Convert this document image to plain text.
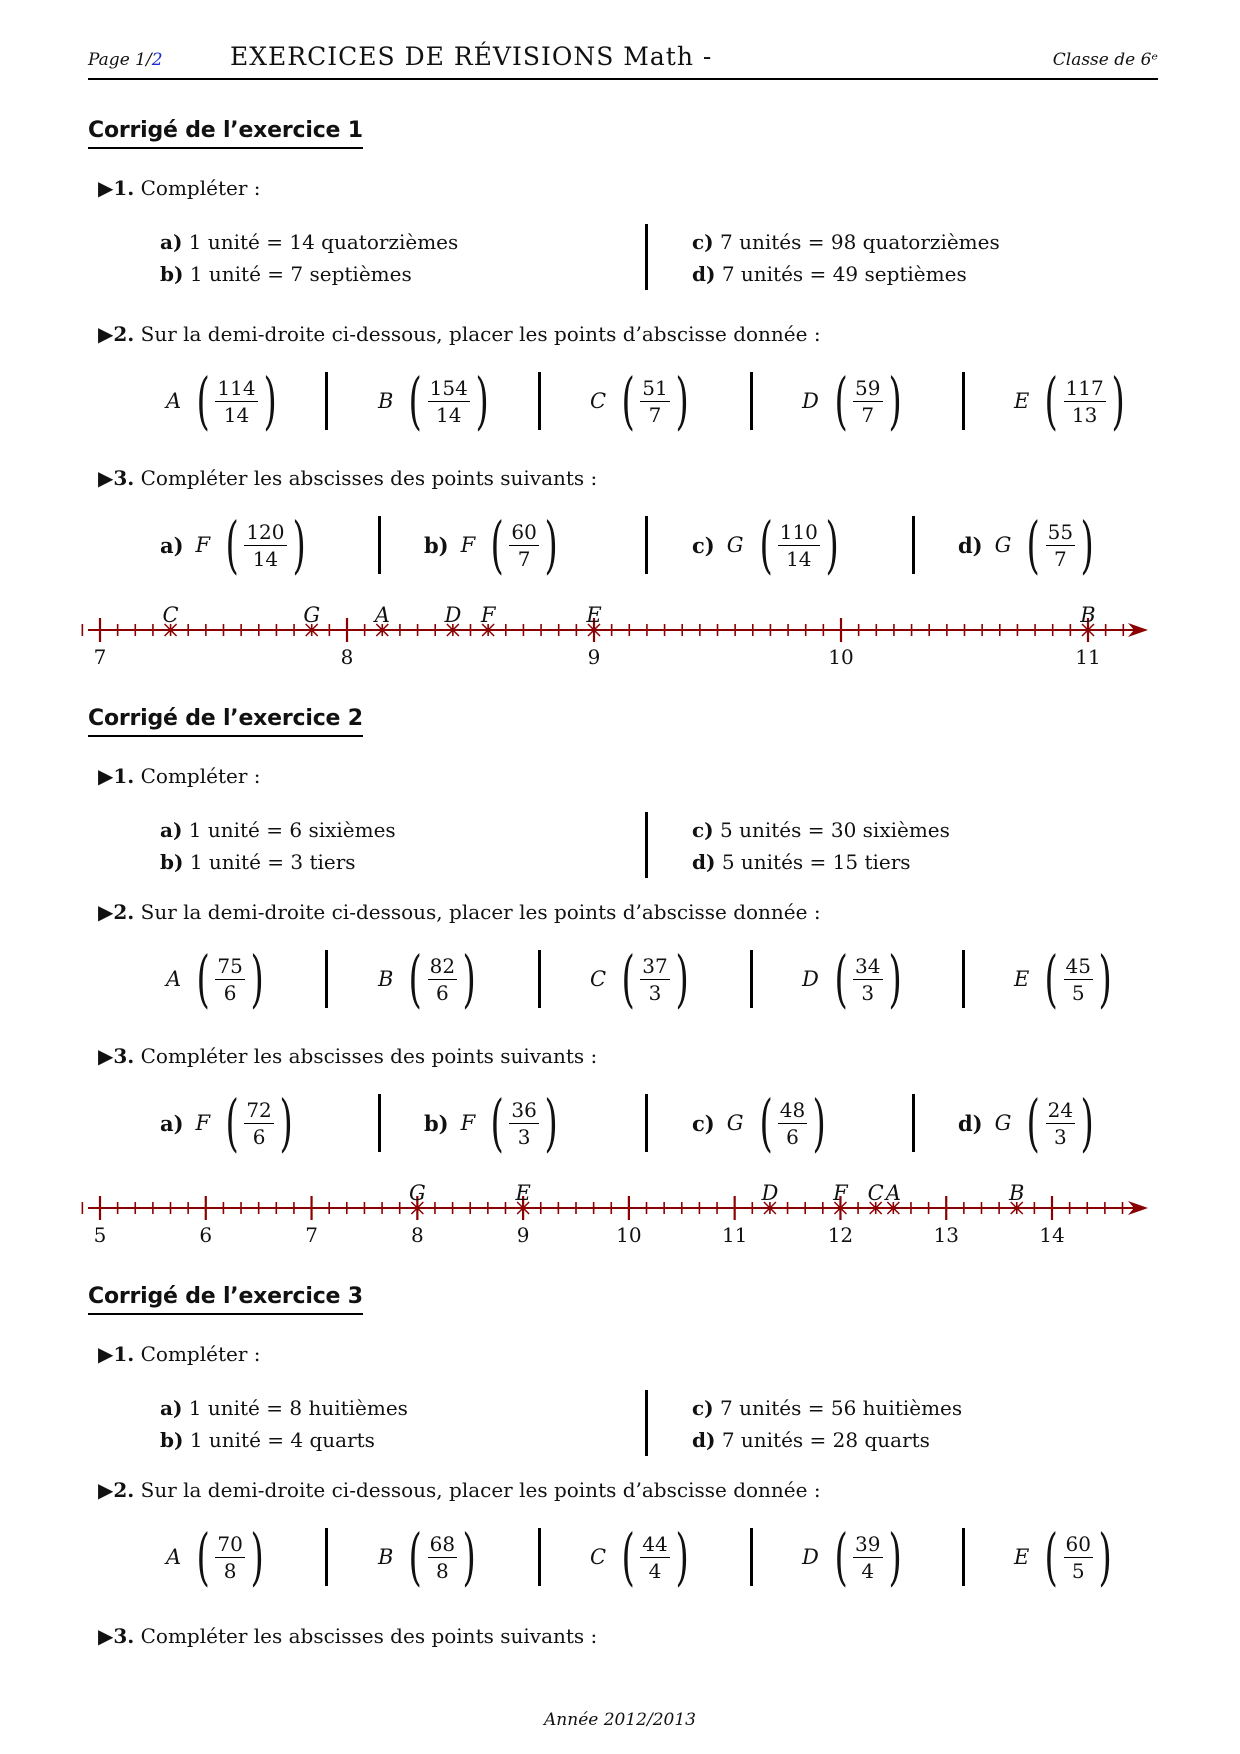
Page 1/2	EXERCICES DE RÉVISIONS Math -	Classe de 6ᵉ
Corrigé de l’exercice 1
▶1. Compléter :
a) 1 unité = 14 quatorzièmes
b) 1 unité = 7 septièmes
c) 7 unités = 98 quatorzièmes
d) 7 unités = 49 septièmes
▶2. Sur la demi-droite ci-dessous, placer les points d’abscisse donnée :
A ( $\frac{114}{14}$ )	B ( $\frac{154}{14}$ )	C ( $\frac{51}{7}$ )	D ( $\frac{59}{7}$ )	E ( $\frac{117}{13}$ )
▶3. Compléter les abscisses des points suivants :
a) F ( $\frac{120}{14}$ )	b) F ( $\frac{60}{7}$ )	c) G ( $\frac{110}{14}$ )	d) G ( $\frac{55}{7}$ )
7	8	9	10	11
C	G	A	D F	E	B
Corrigé de l’exercice 2
▶1. Compléter :
a) 1 unité = 6 sixièmes
b) 1 unité = 3 tiers
c) 5 unités = 30 sixièmes
d) 5 unités = 15 tiers
▶2. Sur la demi-droite ci-dessous, placer les points d’abscisse donnée :
A ( $\frac{75}{6}$ )	B ( $\frac{82}{6}$ )	C ( $\frac{37}{3}$ )	D ( $\frac{34}{3}$ )	E ( $\frac{45}{5}$ )
▶3. Compléter les abscisses des points suivants :
a) F ( $\frac{72}{6}$ )	b) F ( $\frac{36}{3}$ )	c) G ( $\frac{48}{6}$ )	d) G ( $\frac{24}{3}$ )
5	6	7	8	9	10	11	12	13	14
G	E	D	F C A	B
Corrigé de l’exercice 3
▶1. Compléter :
a) 1 unité = 8 huitièmes
b) 1 unité = 4 quarts
c) 7 unités = 56 huitièmes
d) 7 unités = 28 quarts
▶2. Sur la demi-droite ci-dessous, placer les points d’abscisse donnée :
A ( $\frac{70}{8}$ )	B ( $\frac{68}{8}$ )	C ( $\frac{44}{4}$ )	D ( $\frac{39}{4}$ )	E ( $\frac{60}{5}$ )
▶3. Compléter les abscisses des points suivants :
Année 2012/2013
